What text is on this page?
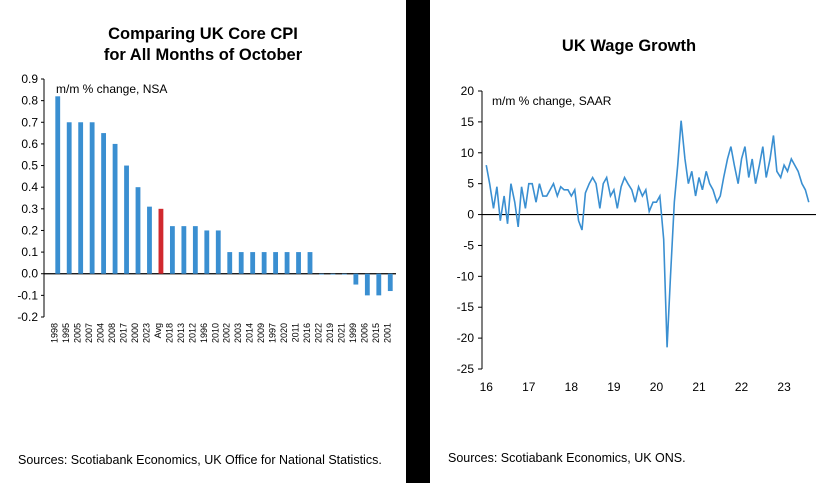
Comparing UK Core CPI
for All Months of October
-0.2
-0.1
0.0
0.1
0.2
0.3
0.4
0.5
0.6
0.7
0.8
0.9
m/m % change, NSA
1998 1995 2005 2007 2004 2008 2017 2000 2023 Avg 2018 2013 2012 1996 2010 2002 2003 2014 2009 1997 2020 2011 2016 2022 2019 2021 1999 2006 2015 2001
Sources: Scotiabank Economics, UK Office for National Statistics.
UK Wage Growth
-25
-20
-15
-10
-5
0
5
10
15
20
m/m % change, SAAR
16 17 18 19 20 21 22 23
Sources: Scotiabank Economics, UK ONS.
